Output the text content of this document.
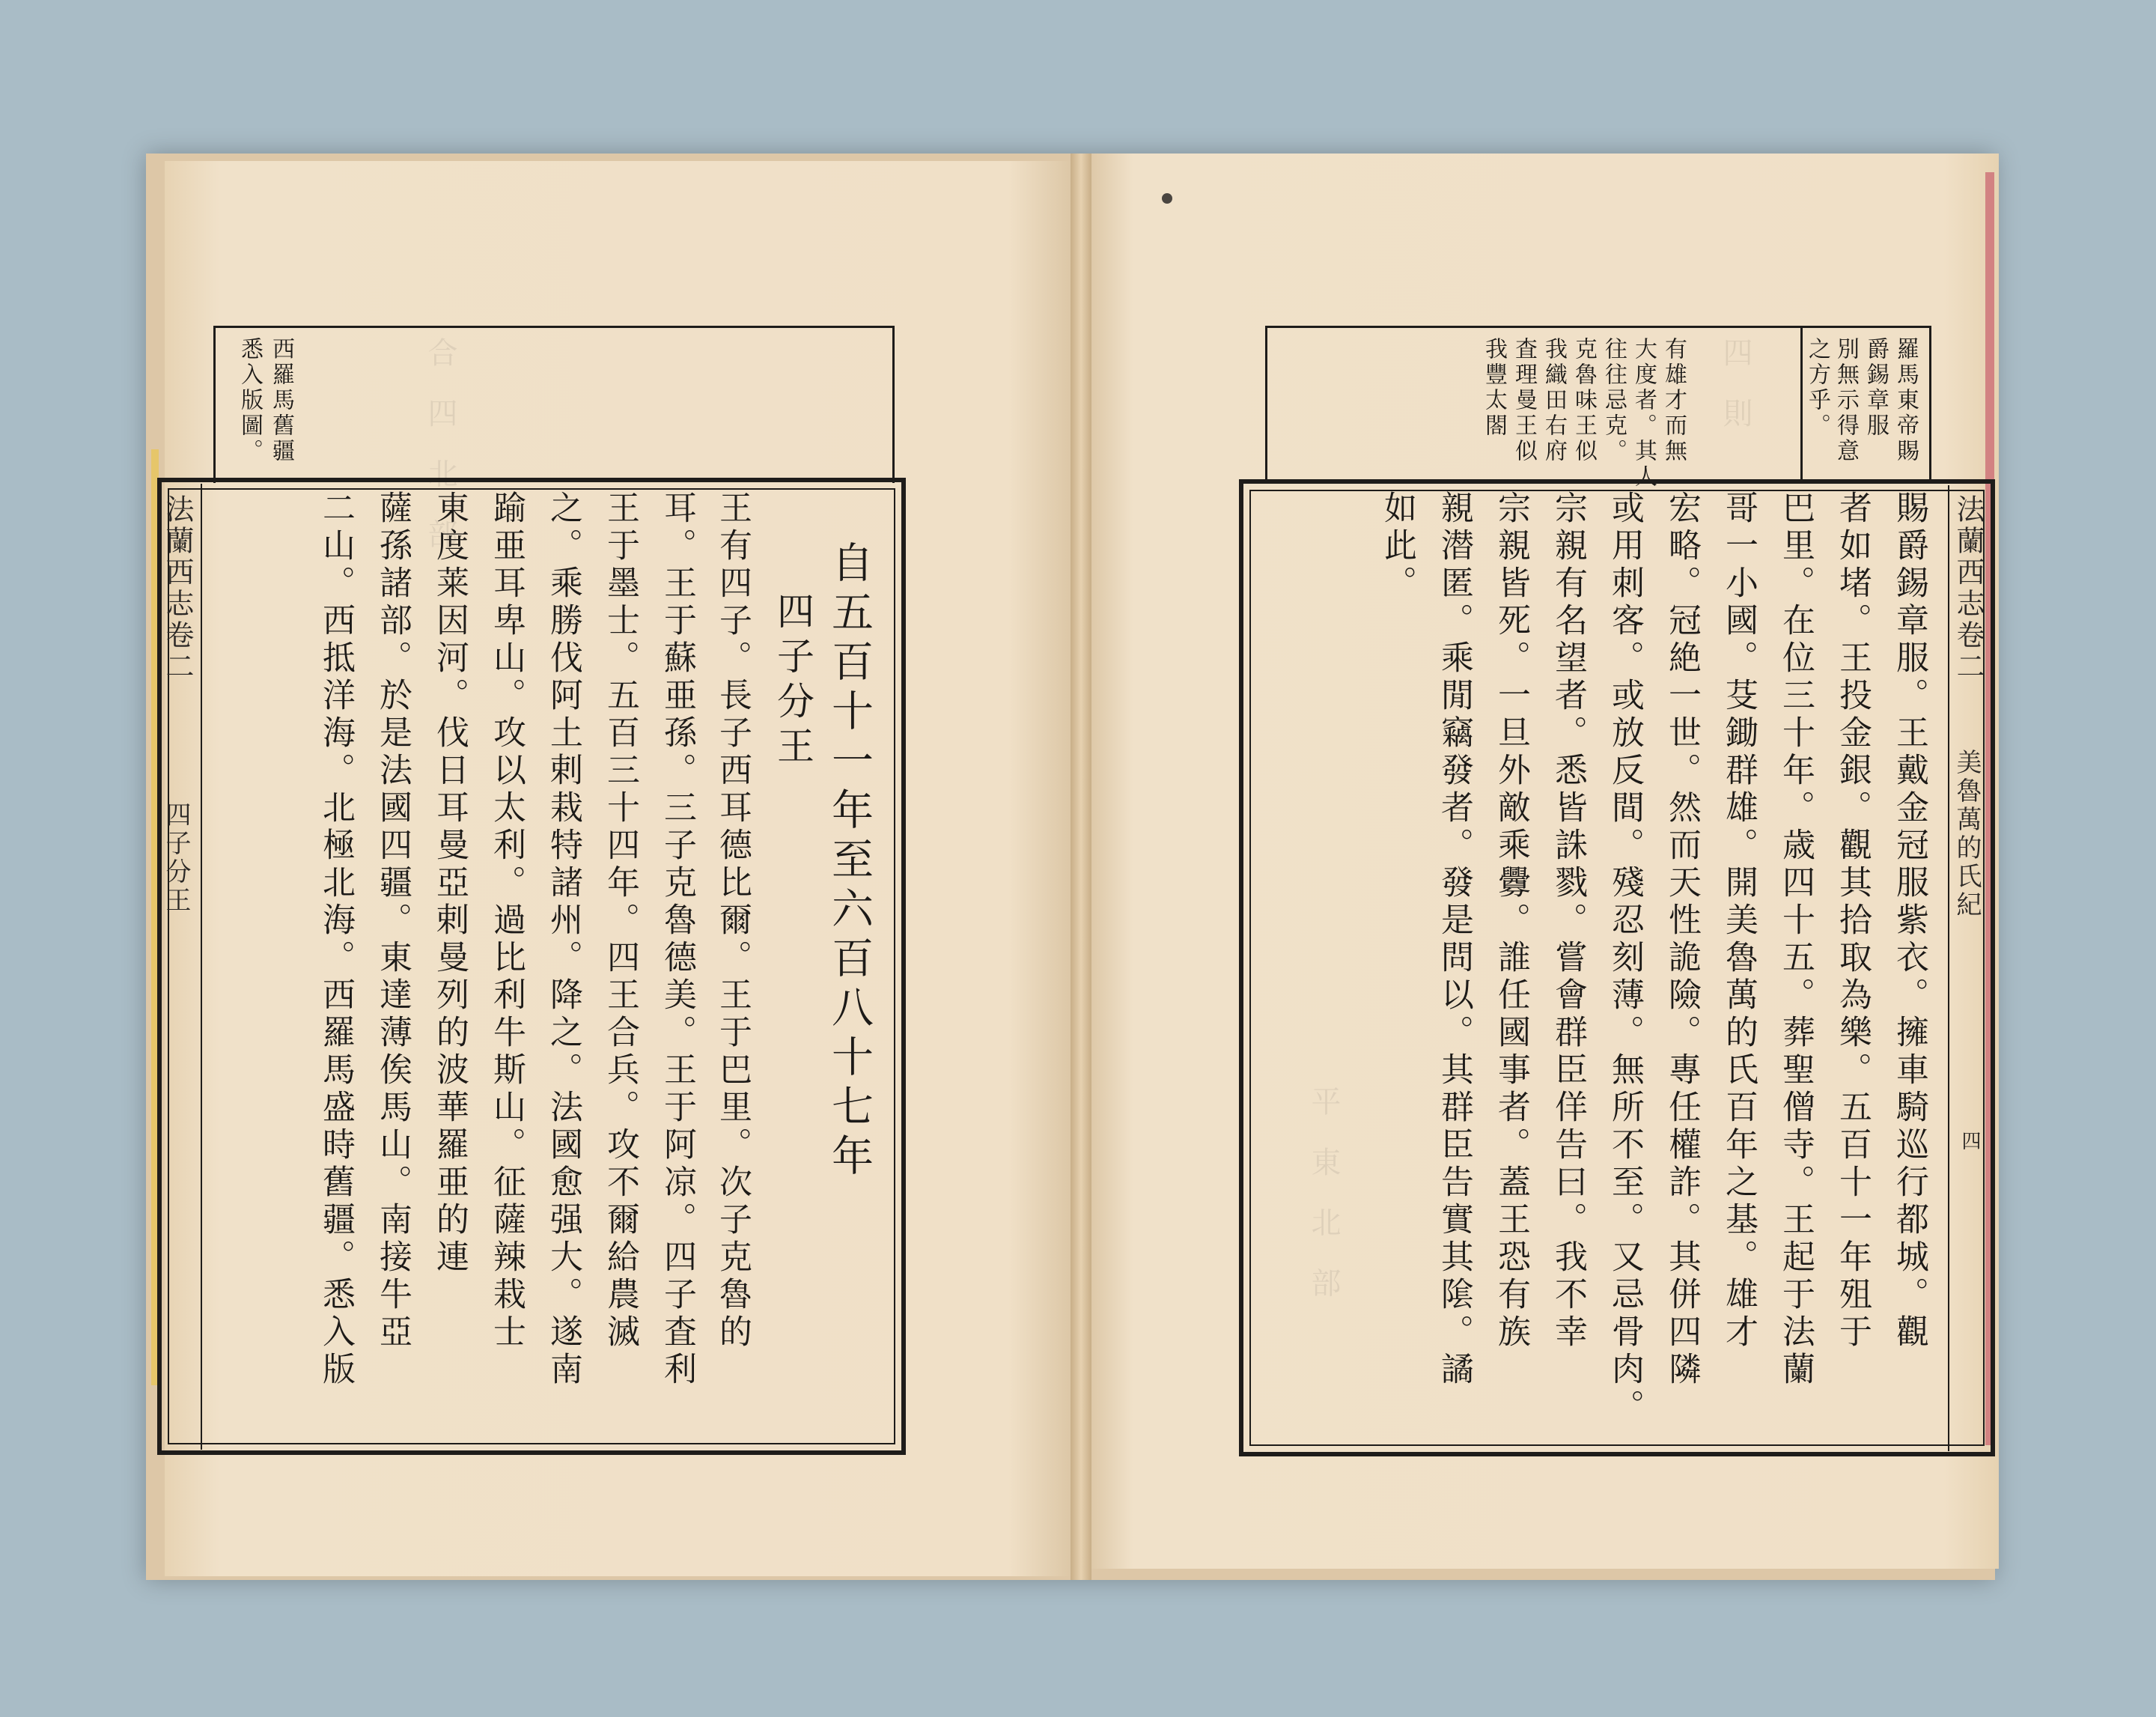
西羅馬舊疆
悉入版圖。	合 四 北 部
法蘭西志卷二
四子分王	自五百十一年至六百八十七年
四子分王
王有四子。長子西耳德比爾。王于巴里。次子克魯的
耳。王于蘇亜孫。三子克魯德美。王于阿凉。四子査利
王于墨士。五百三十四年。四王合兵。攻不爾給農滅
之。乘勝伐阿土剌栽特諸州。降之。法國愈强大。遂南
踰亜耳卑山。攻以太利。過比利牛斯山。征薩辣栽士
東度莱因河。伐日耳曼亞剌曼列的波華羅亜的連
薩孫諸部。於是法國四疆。東達薄俟馬山。南接牛亞
二山。西抵洋海。北極北海。西羅馬盛時舊疆。悉入版
羅馬東帝賜
爵錫章服
別無示得意
之方乎。
四 則
有雄才而無
大度者。其人
往往忌克。
克魯味王似
我織田右府
査理曼王似
我豐太閤
法蘭西志卷二
美魯萬的氏紀
四
賜爵錫章服。王戴金冠服紫衣。擁車騎巡行都城。觀
者如堵。王投金銀。觀其拾取為樂。五百十一年殂于
巴里。在位三十年。歳四十五。葬聖僧寺。王起于法蘭
哥一小國。芟鋤群雄。開美魯萬的氏百年之基。雄才
宏略。冠絶一世。然而天性詭險。專任權詐。其併四隣
或用刺客。或放反間。殘忍刻薄。無所不至。又忌骨肉。
宗親有名望者。悉皆誅戮。嘗會群臣佯告曰。我不幸
宗親皆死。一旦外敵乘釁。誰任國事者。蓋王恐有族
親潜匿。乘閒竊發者。發是問以。其群臣告實其隂。譎
如此。
平 東 北 部
